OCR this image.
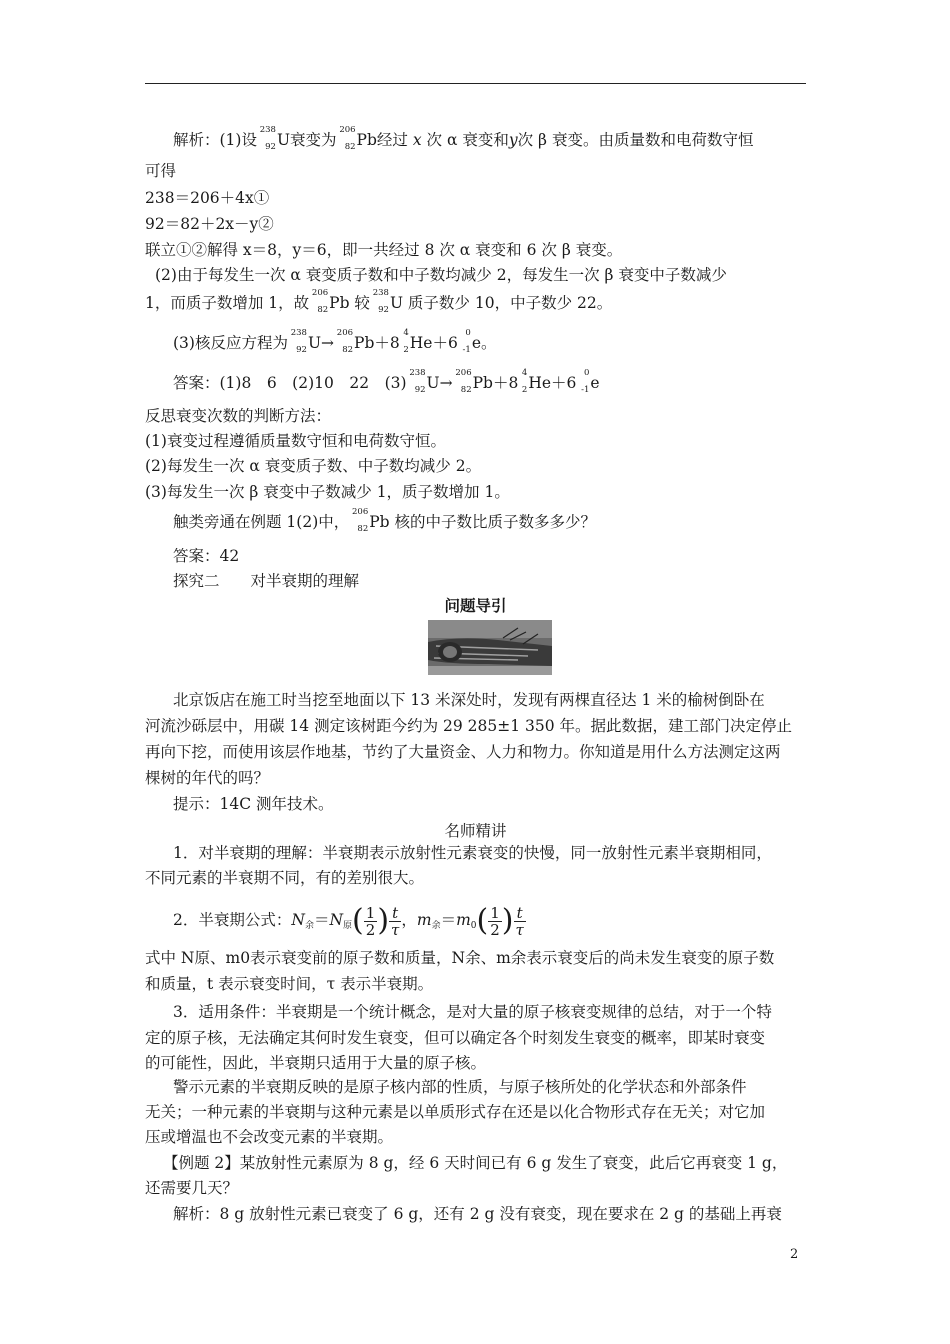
解析：(1)设
238
92 U衰变为
206
82 Pb经过 x 次 α 衰变和y次 β 衰变。由质量数和电荷数守恒
可得
238＝206＋4x①
92＝82＋2x－y②
联立①②解得 x＝8，y＝6，即一共经过 8 次 α 衰变和 6 次 β 衰变。
(2)由于每发生一次 α 衰变质子数和中子数均减少 2，每发生一次 β 衰变中子数减少
1，而质子数增加 1，故
206
82 Pb 较
238
92 U 质子数少 10，中子数少 22。
(3)核反应方程为
238
92 U→
206
82 Pb＋8
4
2 He＋6
0
-1 e。
答案：(1)8　6　(2)10　22　(3)
238
92 U→
206
82 Pb＋8
4
2 He＋6
0
-1 e
反思衰变次数的判断方法：
(1)衰变过程遵循质量数守恒和电荷数守恒。
(2)每发生一次 α 衰变质子数、中子数均减少 2。
(3)每发生一次 β 衰变中子数减少 1，质子数增加 1。
触类旁通在例题 1(2)中，
206
82 Pb 核的中子数比质子数多多少？
答案：42
探究二　　对半衰期的理解
问题导引
北京饭店在施工时当挖至地面以下 13 米深处时，发现有两棵直径达 1 米的榆树倒卧在
河流沙砾层中，用碳 14 测定该树距今约为 29 285±1 350 年。据此数据，建工部门决定停止
再向下挖，而使用该层作地基，节约了大量资金、人力和物力。你知道是用什么方法测定这两
棵树的年代的吗？
提示：14C 测年技术。
名师精讲
1．对半衰期的理解：半衰期表示放射性元素衰变的快慢，同一放射性元素半衰期相同，
不同元素的半衰期不同，有的差别很大。
2．半衰期公式：$N_余=N_原( \frac{1}{2}$ ) $\frac{t}{\tau}$ ，$m_余=m_0( \frac{1}{2}$ ) $\frac{t}{\tau}$
式中 N原、m0表示衰变前的原子数和质量，N余、m余表示衰变后的尚未发生衰变的原子数
和质量，t 表示衰变时间，τ 表示半衰期。
3．适用条件：半衰期是一个统计概念，是对大量的原子核衰变规律的总结，对于一个特
定的原子核，无法确定其何时发生衰变，但可以确定各个时刻发生衰变的概率，即某时衰变
的可能性，因此，半衰期只适用于大量的原子核。
警示元素的半衰期反映的是原子核内部的性质，与原子核所处的化学状态和外部条件
无关；一种元素的半衰期与这种元素是以单质形式存在还是以化合物形式存在无关；对它加
压或增温也不会改变元素的半衰期。
【例题 2】某放射性元素原为 8 g，经 6 天时间已有 6 g 发生了衰变，此后它再衰变 1 g，
还需要几天？
解析：8 g 放射性元素已衰变了 6 g，还有 2 g 没有衰变，现在要求在 2 g 的基础上再衰
2
